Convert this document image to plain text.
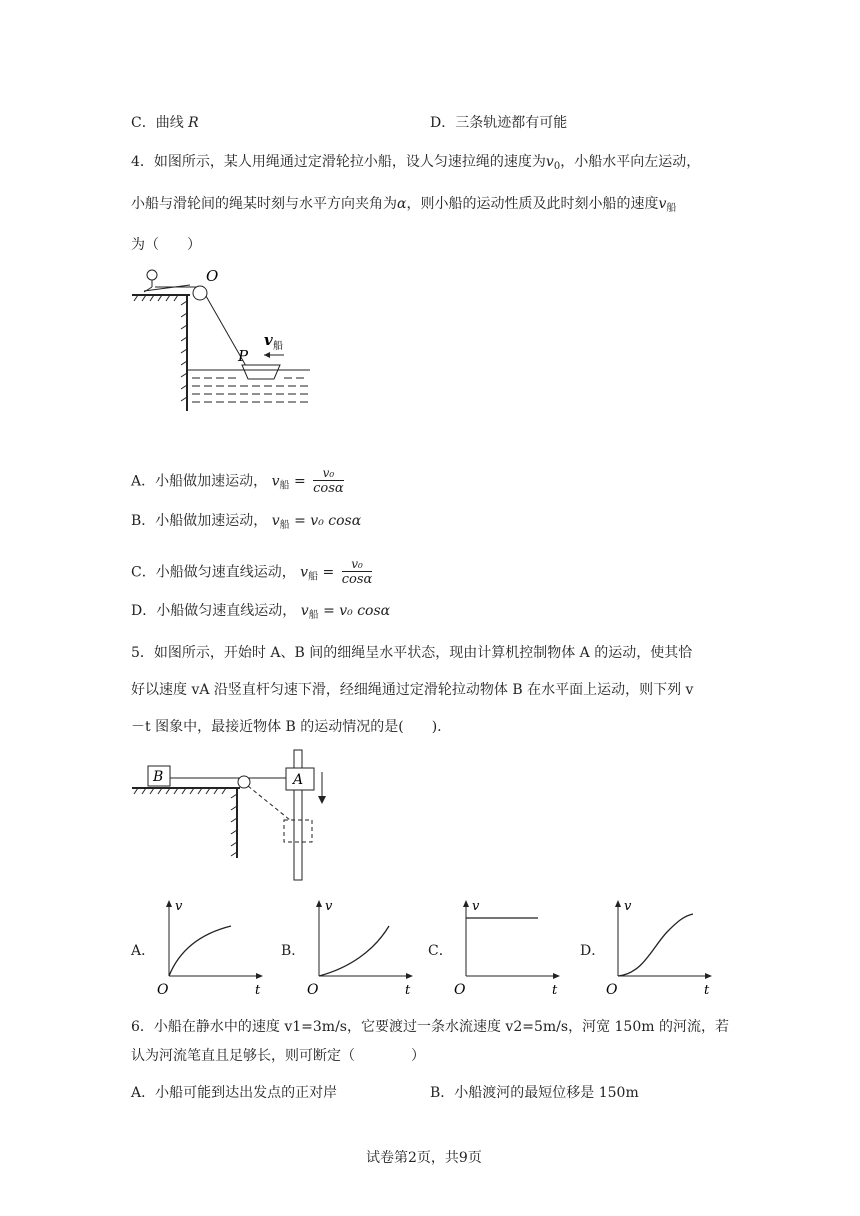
C．曲线 R	D．三条轨迹都有可能
4．如图所示，某人用绳通过定滑轮拉小船，设人匀速拉绳的速度为$v_0$，小船水平向左运动，
小船与滑轮间的绳某时刻与水平方向夹角为α，则小船的运动性质及此时刻小船的速度$v_船$
为（　　）
O
P
v 船
A．小船做加速运动， $v_船 = \frac{\text{v₀}}{\cos\alpha}$
B．小船做加速运动， $v_船 = v_0$ cosα
C．小船做匀速直线运动， $v_船 = \frac{\text{v₀}}{\cos\alpha}$
D．小船做匀速直线运动， $v_船 = v_0$ cosα
5．如图所示，开始时 A、B 间的细绳呈水平状态，现由计算机控制物体 A 的运动，使其恰
好以速度 vA 沿竖直杆匀速下滑，经细绳通过定滑轮拉动物体 B 在水平面上运动，则下列 v
－t 图象中，最接近物体 B 的运动情况的是(　　).
B	A
A．
v
t
O
B．
v
t
O
C．
v
t
O
D．
v
t
O
6．小船在静水中的速度 v1=3m/s，它要渡过一条水流速度 v2=5m/s，河宽 150m 的河流，若
认为河流笔直且足够长，则可断定（　　　　）
A．小船可能到达出发点的正对岸	B．小船渡河的最短位移是 150m
试卷第2页，共9页
